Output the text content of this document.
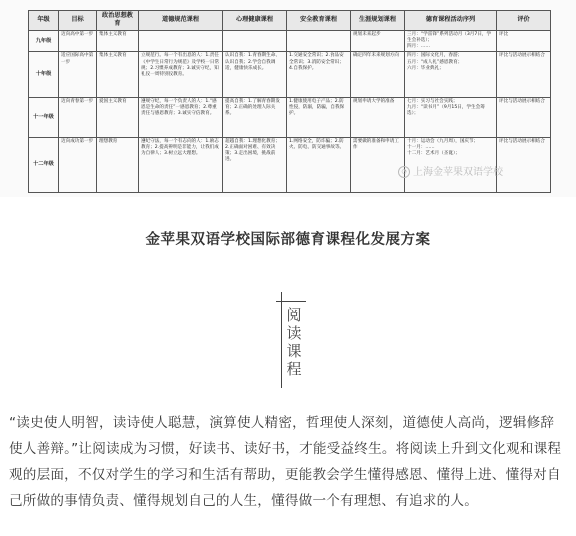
年级	目标	政治思想教育	道德规范课程	心理健康课程	安全教育课程	生涯规划课程	德育课程活动序列	评价
九年级	迈向高中第一步	集体主义教育				规划未来起步	三月：“学雷锋”系列活动月（3月7日，学生会补选）；
四月：……	评比
十年级	适应国际高中第一步	集体主义教育	立规范行。每一个有出息的人：1.责任《中学生日常行为规范》及学校一日常规；2.习惯养成教育；3.诚实守纪，知礼仪一周特别仪教育。	认识自我：1.青春期生命、认识自我；2.学会自我调适，健康快乐成长。	1.交通安全常识；2.食品安全常识；3.消防安全常识；4.自我保护。	确定四年未来规划方向	四月：国际文化月，春游；
五月：“成人礼”感恩教育；
六月：毕业典礼；	评比与活动展示相结合
十一年级	迈向青春第一步	爱国主义教育	遵规守纪，每一个负责人的人：1.“感恩是生命的责任”一感恩教育；2.尊重责任与感恩教育；3.诚实守信教育。	提高自我：1.了解青春期发育；2.正确的处理人际关系。	1.健康使用电子产品；2.防性侵，防溺，防骗，自我保护。	规划申请大学的准备	七月：实习与社会实践；
九月：“读书月”（9月15日，学生会筹选）；	评比与活动展示相结合
十二年级	迈向成功第一步	理想教育	遵纪守法，每一个有志向的人：1.励志教育；2.提高辨明是非能力，让我们成为自律人；3.树立远大理想。	超越自我：1.理想化教育；2.正确面对困难、有效决策；3.走出困境，挑战前进。	1.网络安全，防诈骗；2.防火、防电、防交通事故等。	需要做的准备和申请工作	十月：运动会（九月周），国庆节；
十一月：……
十二月：艺术月（圣诞）；	评比与活动展示相结合
◔ 上海金苹果双语学校
金苹果双语学校国际部德育课程化发展方案
阅
读
课
程
“读史使人明智，读诗使人聪慧，演算使人精密，哲理使人深刻，道德使人高尚，逻辑修辞使人善辩。”让阅读成为习惯，好读书、读好书，才能受益终生。将阅读上升到文化观和课程观的层面，不仅对学生的学习和生活有帮助，更能教会学生懂得感恩、懂得上进、懂得对自己所做的事情负责、懂得规划自己的人生，懂得做一个有理想、有追求的人。
